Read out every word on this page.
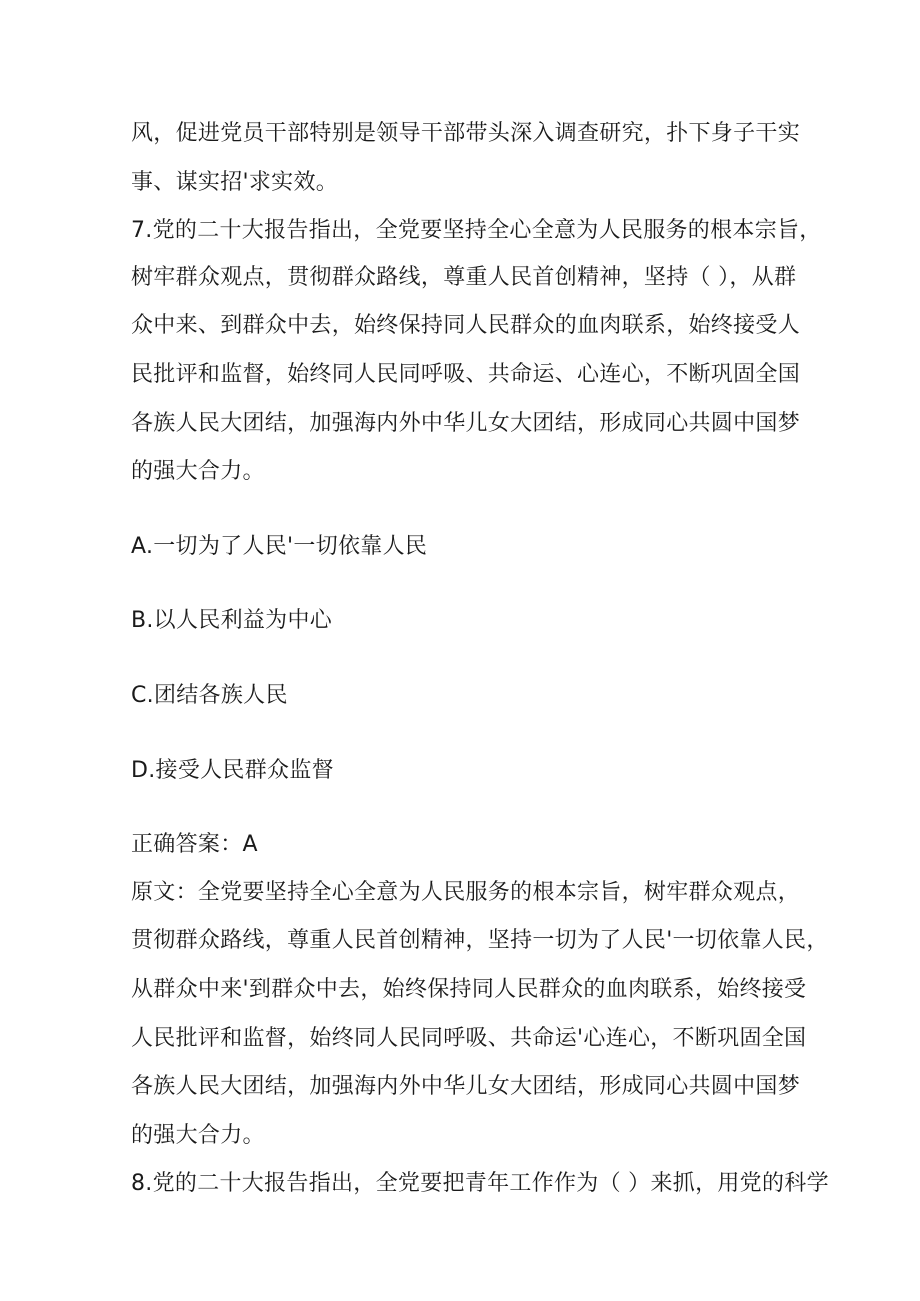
风，促进党员干部特别是领导干部带头深入调查研究，扑下身子干实
事、谋实招'求实效。
7.党的二十大报告指出，全党要坚持全心全意为人民服务的根本宗旨，
树牢群众观点，贯彻群众路线，尊重人民首创精神，坚持（ ），从群
众中来、到群众中去，始终保持同人民群众的血肉联系，始终接受人
民批评和监督，始终同人民同呼吸、共命运、心连心，不断巩固全国
各族人民大团结，加强海内外中华儿女大团结，形成同心共圆中国梦
的强大合力。
A.一切为了人民'一切依靠人民
B.以人民利益为中心
C.团结各族人民
D.接受人民群众监督
正确答案：A
原文：全党要坚持全心全意为人民服务的根本宗旨，树牢群众观点，
贯彻群众路线，尊重人民首创精神，坚持一切为了人民'一切依靠人民，
从群众中来'到群众中去，始终保持同人民群众的血肉联系，始终接受
人民批评和监督，始终同人民同呼吸、共命运'心连心，不断巩固全国
各族人民大团结，加强海内外中华儿女大团结，形成同心共圆中国梦
的强大合力。
8.党的二十大报告指出，全党要把青年工作作为（ ）来抓，用党的科学
